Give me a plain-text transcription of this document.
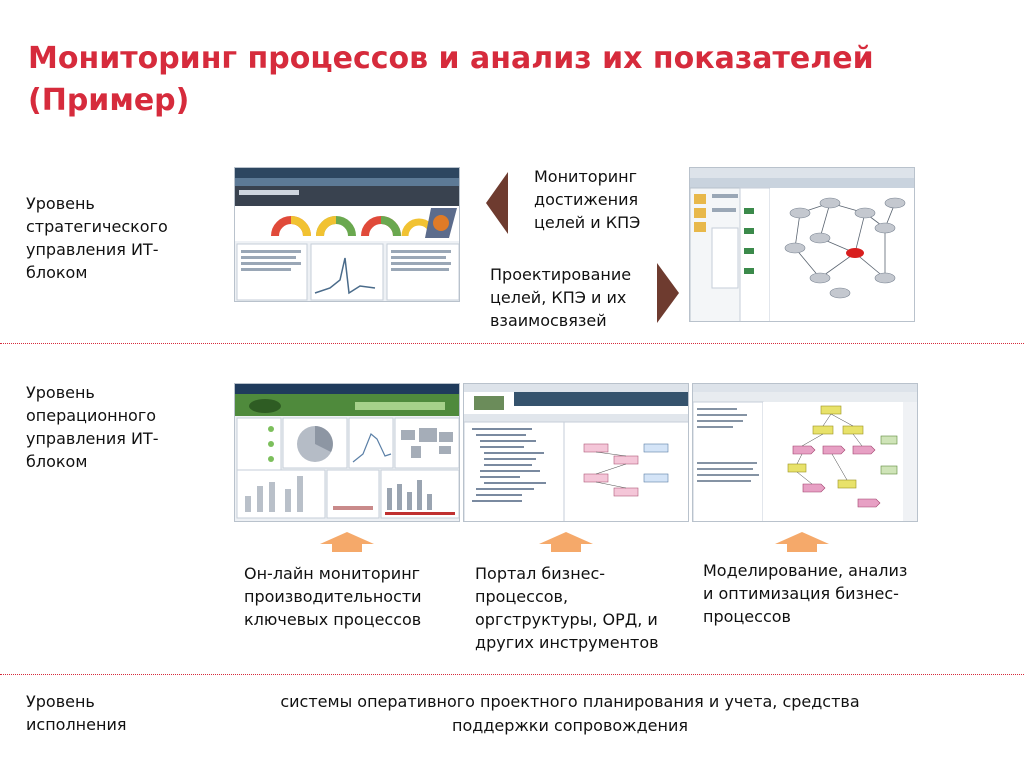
Мониторинг процессов и анализ их показателей (Пример)
Уровень стратегического управления ИТ-блоком
Мониторинг достижения целей и КПЭ
Проектирование целей, КПЭ и их взаимосвязей
Уровень операционного управления ИТ-блоком
Он-лайн мониторинг производительности ключевых процессов
Портал бизнес-процессов, оргструктуры, ОРД, и других инструментов
Моделирование, анализ и оптимизация бизнес-процессов
Уровень исполнения
системы оперативного проектного планирования и учета, средства поддержки сопровождения
